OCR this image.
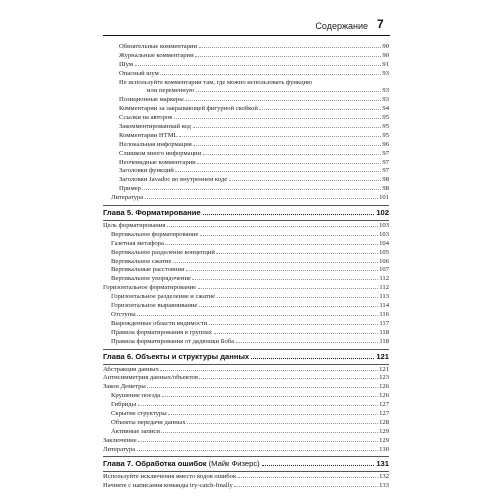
Содержание 7
Обязательные комментарии	90
Журнальные комментарии	90
Шум	91
Опасный шум	93
Не используйте комментарии там, где можно использовать функцию
или переменную	93
Позиционные маркеры	93
Комментарии за закрывающей фигурной скобкой	94
Ссылки на авторов	95
Закомментированный код	95
Комментарии HTML	95
Нелокальная информация	96
Слишком много информации	97
Неочевидные комментарии	97
Заголовки функций	97
Заголовки Javadoc во внутреннем коде	98
Пример	98
Литература	101
Глава 5. Форматирование	102
Цель форматирования	103
Вертикальное форматирование	103
Газетная метафора	104
Вертикальное разделение концепций	105
Вертикальное сжатие	106
Вертикальные расстояния	107
Вертикальное упорядочение	112
Горизонтальное форматирование	112
Горизонтальное разделение и сжатие	113
Горизонтальное выравнивание	114
Отступы	116
Вырожденные области видимости	117
Правила форматирования в группах	118
Правила форматирования от дядюшки Боба	118
Глава 6. Объекты и структуры данных	121
Абстракция данных	121
Антисимметрия данных/объектов	123
Закон Деметры	126
Крушение поезда	126
Гибриды	127
Скрытие структуры	127
Объекты передачи данных	128
Активные записи	129
Заключение	129
Литература	130
Глава 7. Обработка ошибок (Майк Физерс)	131
Используйте исключения вместо кодов ошибок	132
Начните с написания команды try-catch-finally	133
